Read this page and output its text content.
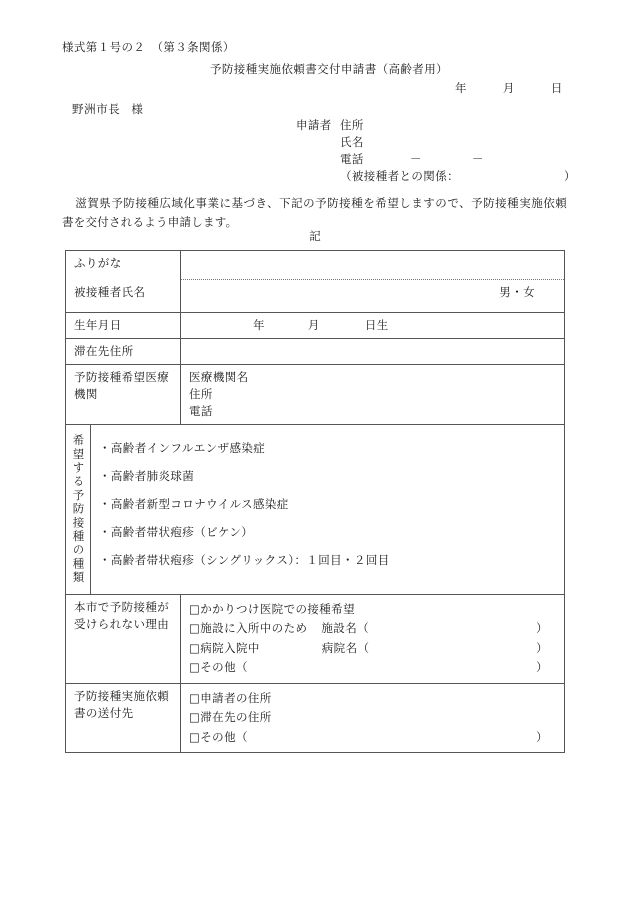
様式第１号の２　（第３条関係）
予防接種実施依頼書交付申請書（高齢者用）
年	月	日
野洲市長 様
申請者 住所
氏名
電話	－	－
（被接種者との関係：	）
滋賀県予防接種広域化事業に基づき、下記の予防接種を希望しますので、予防接種実施依頼書を交付されるよう申請します。
記
ふりがな		

被接種者氏名		男・女

生年月日		年 月 日生

滞在先住所		

予防接種希望医療機関		医療機関名
住所
電話

希望する予防接種の種類	・高齢者インフルエンザ感染症
・高齢者肺炎球菌
・高齢者新型コロナウイルス感染症
・高齢者帯状疱疹（ビケン）
・高齢者帯状疱疹（シングリックス）：１回目・２回目	

本市で予防接種が受けられない理由

□かかりつけ医院での接種希望
□施設に入所中のため 施設名（	）
□病院入院中	病院名（	）
□その他（	）

予防接種実施依頼書の送付先		□申請者の住所
□滞在先の住所
□その他（ ）
